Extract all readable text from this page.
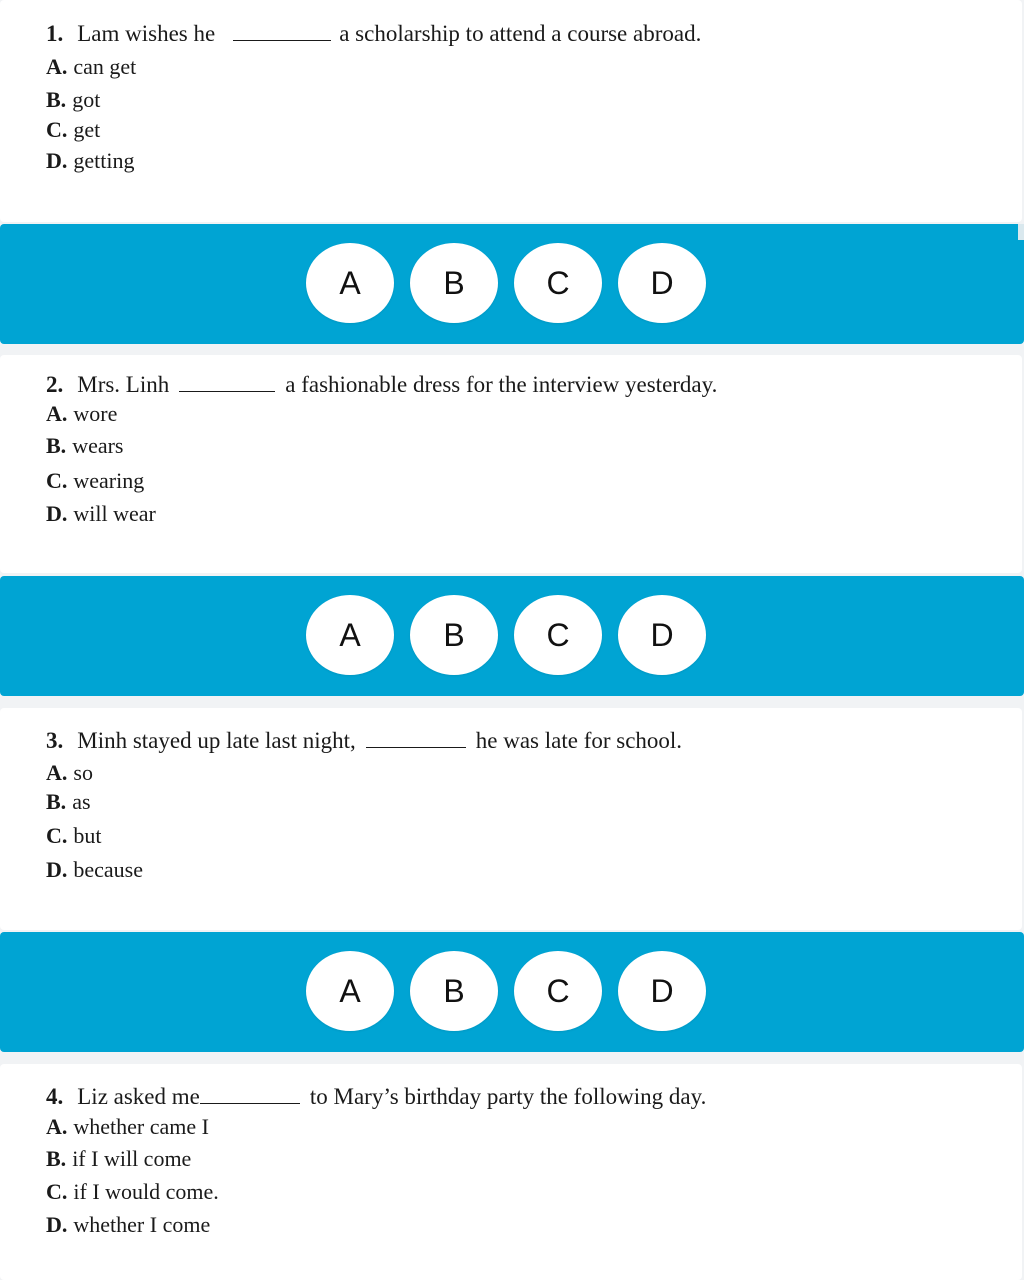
1. Lam wishes he	a scholarship to attend a course abroad.
A. can get
B. got
C. get
D. getting
A	B	C	D
2. Mrs. Linh	a fashionable dress for the interview yesterday.
A. wore
B. wears
C. wearing
D. will wear
A	B	C	D
3. Minh stayed up late last night,	he was late for school.
A. so
B. as
C. but
D. because
A	B	C	D
4. Liz asked me	to Mary’s birthday party the following day.
A. whether came I
B. if I will come
C. if I would come.
D. whether I come
